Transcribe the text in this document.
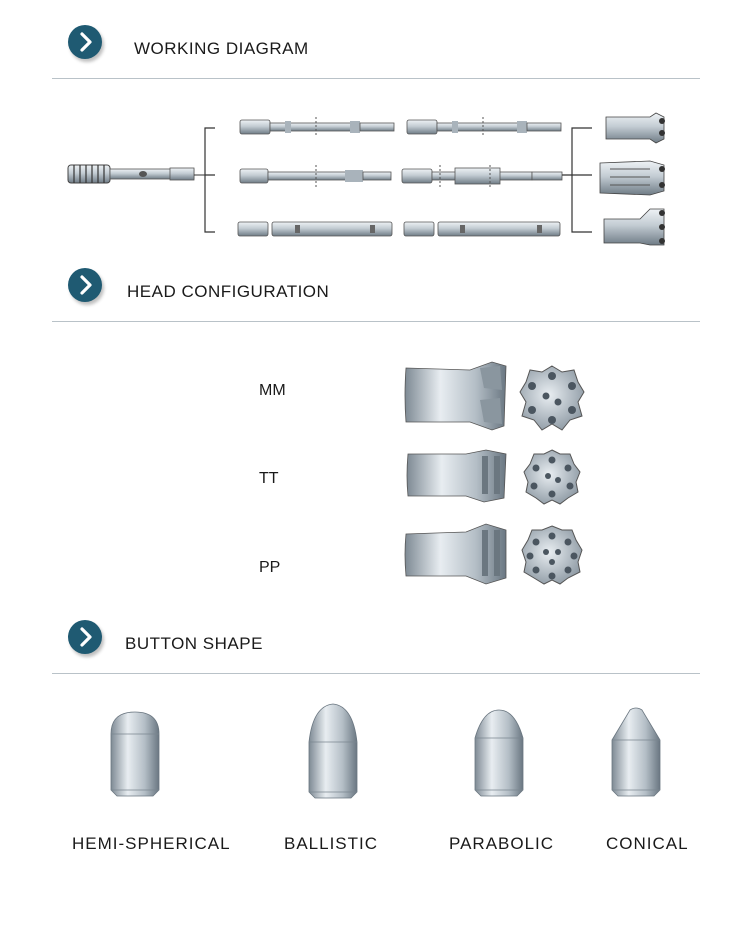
WORKING DIAGRAM
HEAD CONFIGURATION
MM
TT
PP
BUTTON SHAPE
HEMI-SPHERICAL	BALLISTIC	PARABOLIC	CONICAL
